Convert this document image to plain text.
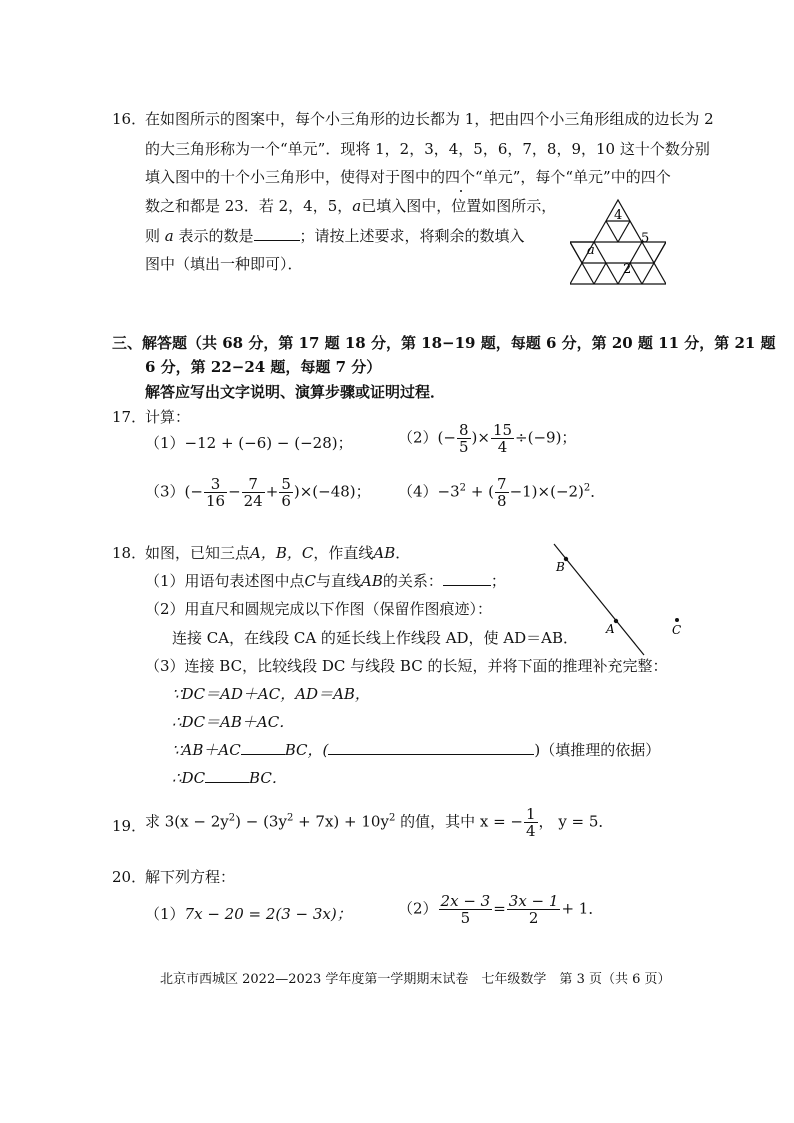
16．
在如图所示的图案中，每个小三角形的边长都为 1，把由四个小三角形组成的边长为 2
的大三角形称为一个“单元”．现将 1，2，3，4，5，6，7，8，9，10 这十个数分别
填入图中的十个小三角形中，使得对于图中的四个“单元”，每个“单元”中的四个
数之和都是 23．若 2，4，5，a已填入图中，位置如图所示，
则 a 表示的数是	；请按上述要求，将剩余的数填入
图中（填出一种即可）．
4
a
5
2
三、解答题（共 68 分，第 17 题 18 分，第 18−19 题，每题 6 分，第 20 题 11 分，第 21 题
6 分，第 22−24 题，每题 7 分）
解答应写出文字说明、演算步骤或证明过程．
17．
计算：
（1）−12 + (−6) − (−28)；	$(2)(- \frac{8}{5}$ )× $\frac{15}{4} \div(-9)$；
$(3)(- \frac{3}{16} - \frac{7}{24} + \frac{5}{6} )\times(-48)$； $(4)-3^2$ + ( $\frac{7}{8} -1)\times(-2)^2$．
18．
如图，已知三点A，B，C，作直线AB．
（1）用语句表述图中点C与直线AB的关系：	；
（2）用直尺和圆规完成以下作图（保留作图痕迹）：
连接 CA，在线段 CA 的延长线上作线段 AD，使 AD＝AB．
（3）连接 BC，比较线段 DC 与线段 BC 的长短，并将下面的推理补充完整：
∵DC＝AD＋AC，AD＝AB，
∴DC＝AB＋AC．
∵AB＋AC	BC，(	)（填推理的依据）
∴DC	BC．
B
A	C
19．
求 $3(x - 2y^2) - (3y^2 + 7x) + 10y^2$ 的值，其中 x = − $\frac{1}{4}$ ， y = 5．
20．
解下列方程：
（1）7x − 20 = 2(3 − 3x)；	$(2) \frac{2x - 3}{5} = \frac{3x - 1}{2} + 1$．
北京市西城区 2022—2023 学年度第一学期期末试卷　七年级数学　第 3 页（共 6 页）
